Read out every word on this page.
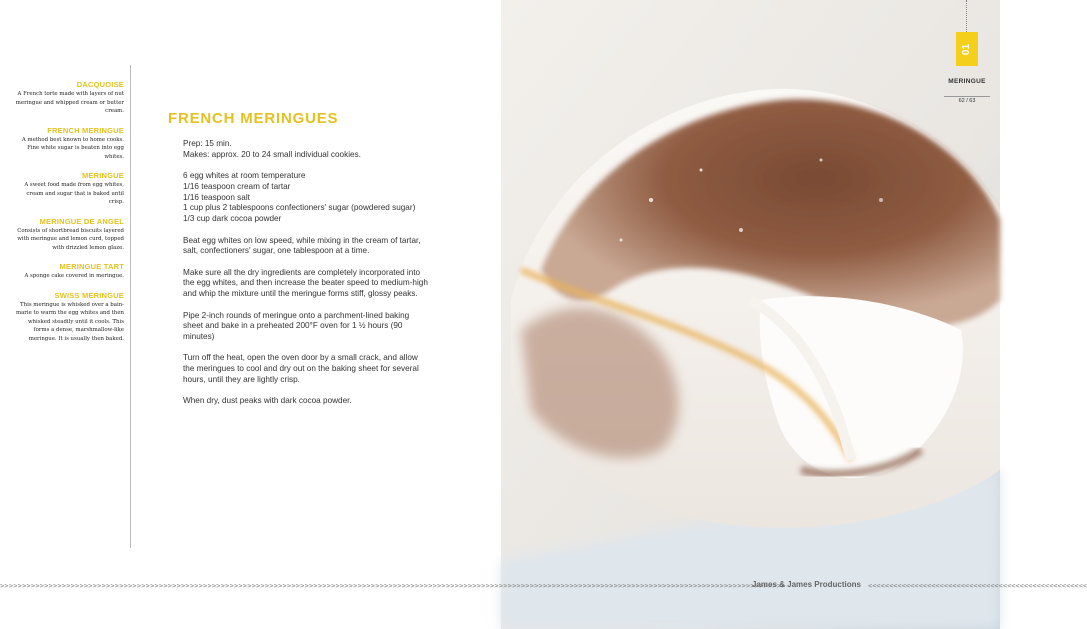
DACQUOISE
A French torte made with layers of nut meringue and whipped cream or butter cream.
FRENCH MERINGUE
A method best known to home cooks. Fine white sugar is beaten into egg whites.
MERINGUE
A sweet food made from egg whites, cream and sugar that is baked until crisp.
MERINGUE DE ANGEL
Consists of shortbread biscuits layered with meringue and lemon curd, topped with drizzled lemon glaze.
MERINGUE TART
A sponge cake covered in meringue.
SWISS MERINGUE
This meringue is whisked over a bain-marie to warm the egg whites and then whisked steadily until it cools. This forms a dense, marshmallow-like meringue. It is usually then baked.
FRENCH MERINGUES

Prep: 15 min.
Makes: approx. 20 to 24 small individual cookies.

6 egg whites at room temperature
1/16 teaspoon cream of tartar
1/16 teaspoon salt
1 cup plus 2 tablespoons confectioners' sugar (powdered sugar)
1/3 cup dark cocoa powder

Beat egg whites on low speed, while mixing in the cream of tartar, salt, confectioners' sugar, one tablespoon at a time.

Make sure all the dry ingredients are completely incorporated into the egg whites, and then increase the beater speed to medium-high and whip the mixture until the meringue forms stiff, glossy peaks.

Pipe 2-inch rounds of meringue onto a parchment-lined baking sheet and bake in a preheated 200°F oven for 1 ½ hours (90 minutes)

Turn off the heat, open the oven door by a small crack, and allow the meringues to cool and dry out on the baking sheet for several hours, until they are lightly crisp.

When dry, dust peaks with dark cocoa powder.

>>>>>>>>>>>>>>>>>>>>>>>>>>>>>>>>>>>>>>>>>>>>>>>>>>>>>>>>>>>>>>>>>>>>>>>>>>>>>>>>>>>>>>>>>>>>>>>>>>>>>>>>>>>>>>>>>>>>>>>>>>>>>>>>>>>>>>>>>>>>>>>>>>>>>>>>>>>>>>>>>>>>>>>>>>>>>>>>>>
James & James Productions <<<<<<<<<<<<<<<<<<<<<<<<<<<<<<<<<<<<<<<<<<<<<<<<<<<<
01
MERINGUE
62 / 63
